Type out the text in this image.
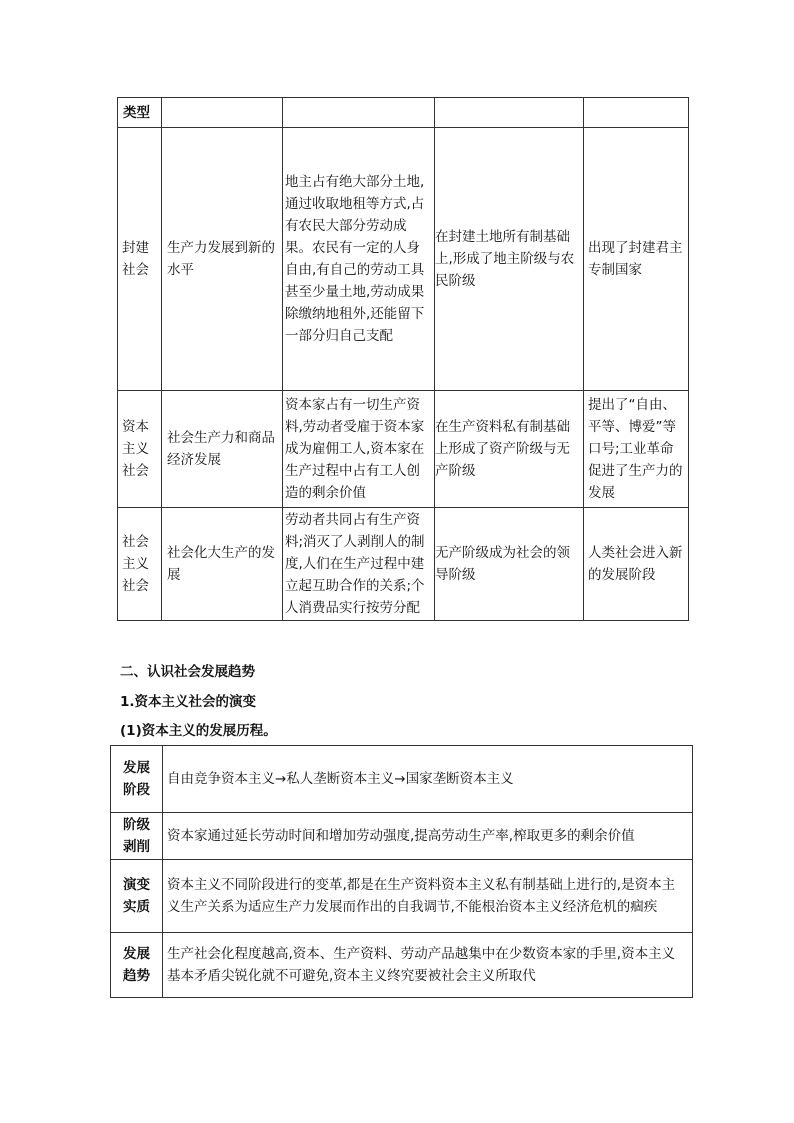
类型				

封建
社会	生产力发展到新的水平	地主占有绝大部分土地,通过收取地租等方式,占有农民大部分劳动成果。农民有一定的人身自由,有自己的劳动工具甚至少量土地,劳动成果除缴纳地租外,还能留下一部分归自己支配	在封建土地所有制基础上,形成了地主阶级与农民阶级	出现了封建君主专制国家

资本
主义
社会	社会生产力和商品经济发展	资本家占有一切生产资料,劳动者受雇于资本家成为雇佣工人,资本家在生产过程中占有工人创造的剩余价值	在生产资料私有制基础上形成了资产阶级与无产阶级	提出了“自由、平等、博爱”等口号;工业革命促进了生产力的发展

社会
主义
社会	社会化大生产的发展	劳动者共同占有生产资料;消灭了人剥削人的制度,人们在生产过程中建立起互助合作的关系;个人消费品实行按劳分配	无产阶级成为社会的领导阶级	人类社会进入新的发展阶段
二、认识社会发展趋势
1.资本主义社会的演变
(1)资本主义的发展历程。
发展
阶段	自由竞争资本主义→私人垄断资本主义→国家垄断资本主义

阶级
剥削	资本家通过延长劳动时间和增加劳动强度,提高劳动生产率,榨取更多的剩余价值

演变
实质	资本主义不同阶段进行的变革,都是在生产资料资本主义私有制基础上进行的,是资本主义生产关系为适应生产力发展而作出的自我调节,不能根治资本主义经济危机的痼疾

发展
趋势	生产社会化程度越高,资本、生产资料、劳动产品越集中在少数资本家的手里,资本主义基本矛盾尖锐化就不可避免,资本主义终究要被社会主义所取代
